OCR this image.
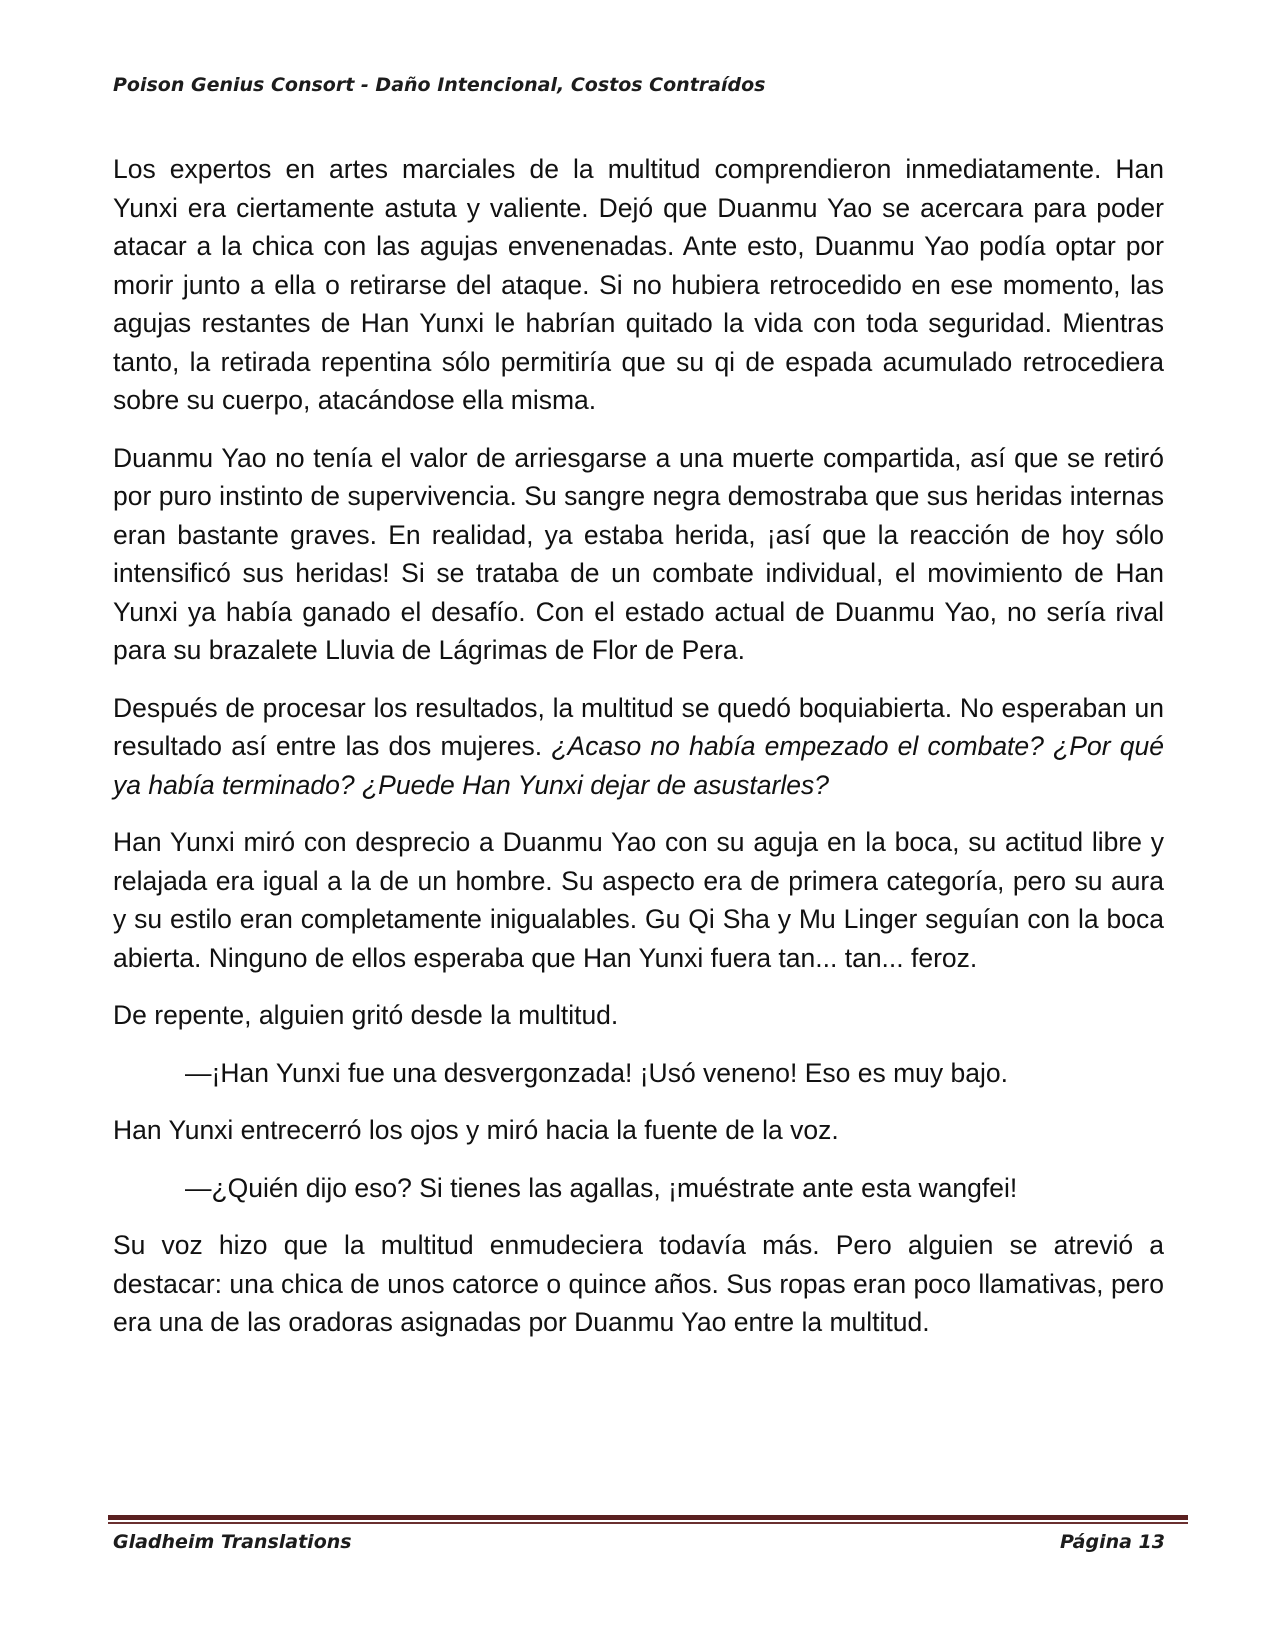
Poison Genius Consort - Daño Intencional, Costos Contraídos

Los expertos en artes marciales de la multitud comprendieron inmediatamente. Han Yunxi era ciertamente astuta y valiente. Dejó que Duanmu Yao se acercara para poder atacar a la chica con las agujas envenenadas. Ante esto, Duanmu Yao podía optar por morir junto a ella o retirarse del ataque. Si no hubiera retrocedido en ese momento, las agujas restantes de Han Yunxi le habrían quitado la vida con toda seguridad. Mientras tanto, la retirada repentina sólo permitiría que su qi de espada acumulado retrocediera sobre su cuerpo, atacándose ella misma.

Duanmu Yao no tenía el valor de arriesgarse a una muerte compartida, así que se retiró por puro instinto de supervivencia. Su sangre negra demostraba que sus heridas internas eran bastante graves. En realidad, ya estaba herida, ¡así que la reacción de hoy sólo intensificó sus heridas! Si se trataba de un combate individual, el movimiento de Han Yunxi ya había ganado el desafío. Con el estado actual de Duanmu Yao, no sería rival para su brazalete Lluvia de Lágrimas de Flor de Pera.

Después de procesar los resultados, la multitud se quedó boquiabierta. No esperaban un resultado así entre las dos mujeres. ¿Acaso no había empezado el combate? ¿Por qué ya había terminado? ¿Puede Han Yunxi dejar de asustarles?

Han Yunxi miró con desprecio a Duanmu Yao con su aguja en la boca, su actitud libre y relajada era igual a la de un hombre. Su aspecto era de primera categoría, pero su aura y su estilo eran completamente inigualables. Gu Qi Sha y Mu Linger seguían con la boca abierta. Ninguno de ellos esperaba que Han Yunxi fuera tan... tan... feroz.

De repente, alguien gritó desde la multitud.

—¡Han Yunxi fue una desvergonzada! ¡Usó veneno! Eso es muy bajo.

Han Yunxi entrecerró los ojos y miró hacia la fuente de la voz.

—¿Quién dijo eso? Si tienes las agallas, ¡muéstrate ante esta wangfei!

Su voz hizo que la multitud enmudeciera todavía más. Pero alguien se atrevió a destacar: una chica de unos catorce o quince años. Sus ropas eran poco llamativas, pero era una de las oradoras asignadas por Duanmu Yao entre la multitud.

Gladheim Translations	Página 13
